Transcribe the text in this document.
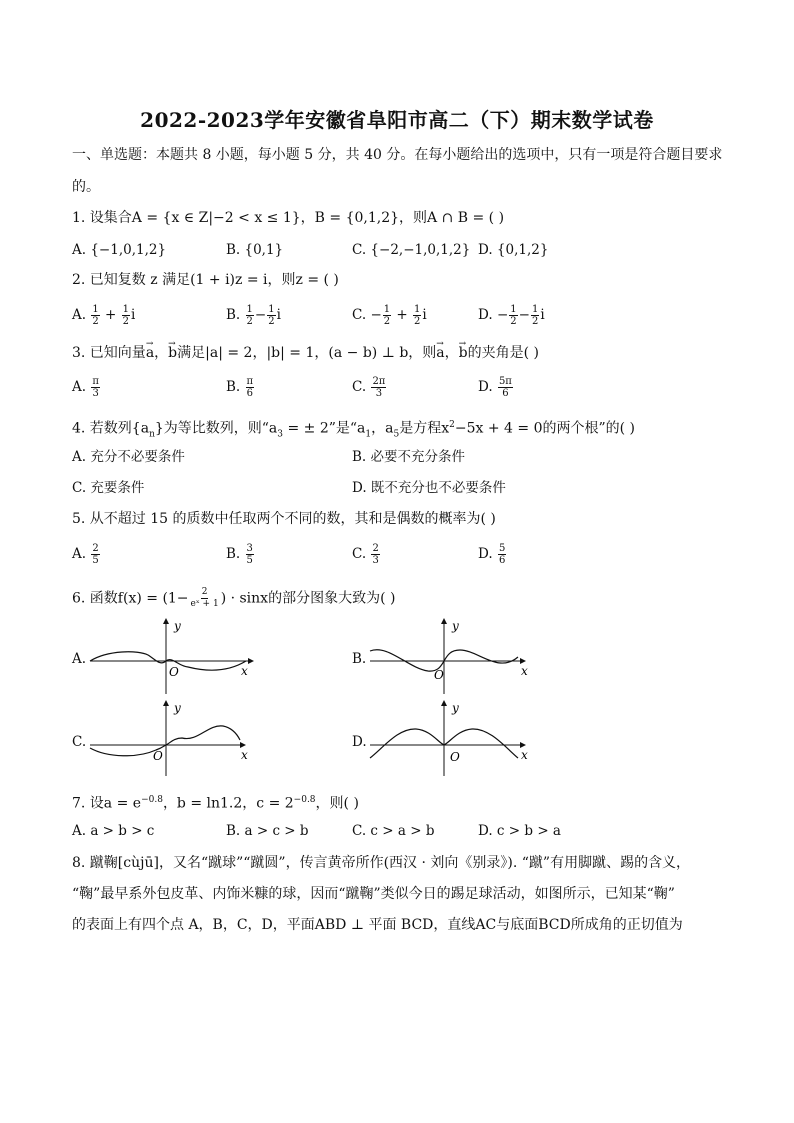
2022-2023学年安徽省阜阳市高二（下）期末数学试卷
一、单选题：本题共 8 小题，每小题 5 分，共 40 分。在每小题给出的选项中，只有一项是符合题目要求
的。
1. 设集合A = {x ∈ Z|−2 < x ≤ 1}，B = {0,1,2}，则A ∩ B = ( )
A. {−1,0,1,2}	B. {0,1}	C. {−2,−1,0,1,2} D. {0,1,2}
2. 已知复数 z 满足(1 + i)z = i，则z = ( )
A. $\frac{1}{2} + \frac{1}{2}$ i	B. $\frac{1}{2} - \frac{1}{2}$ i	C. − $\frac{1}{2} + \frac{1}{2}$ i	D. − $\frac{1}{2} - \frac{1}{2}$ i
3. 已知向量→ a，→ b满足|a| = 2，|b| = 1，(a − b) ⊥ b，则→ a，→ b的夹角是( )
A. $\frac{\pi}{3}$	B. $\frac{\pi}{6}$	C. $\frac{2\pi}{3}$	D. $\frac{5\pi}{6}$
4. 若数列$\{a_n\}$为等比数列，则“$a_3$ = ± 2”是“$a_1$，$a_5$是方程$x^2-5x + 4 = 0$的两个根”的( )
A. 充分不必要条件	B. 必要不充分条件
C. 充要条件	D. 既不充分也不必要条件
5. 从不超过 15 的质数中任取两个不同的数，其和是偶数的概率为( )
A. $\frac{2}{5}$	B. $\frac{3}{5}$	C. $\frac{2}{3}$	D. $\frac{5}{6}$
6. 函数$f(x) = (1- \frac{2}{\text{eˣ + 1}}$ ) · sinx的部分图象大致为( )
A.
y
x
O
B.
y
x
O
C.
y
x
O
D.
y
x
O
7. 设$a = e^{-0.8}$，b = ln1.2，$c = 2^{-0.8}$，则( )
A. a > b > c	B. a > c > b	C. c > a > b	D. c > b > a
8. 蹴鞠[cùjū]，又名“蹴球”“蹴圆”，传言黄帝所作(西汉 · 刘向《别录》). “蹴”有用脚蹴、踢的含义，
“鞠”最早系外包皮革、内饰米糠的球，因而“蹴鞠”类似今日的踢足球活动，如图所示，已知某“鞠”
的表面上有四个点 A，B，C，D，平面ABD ⊥ 平面 BCD，直线AC与底面BCD所成角的正切值为
